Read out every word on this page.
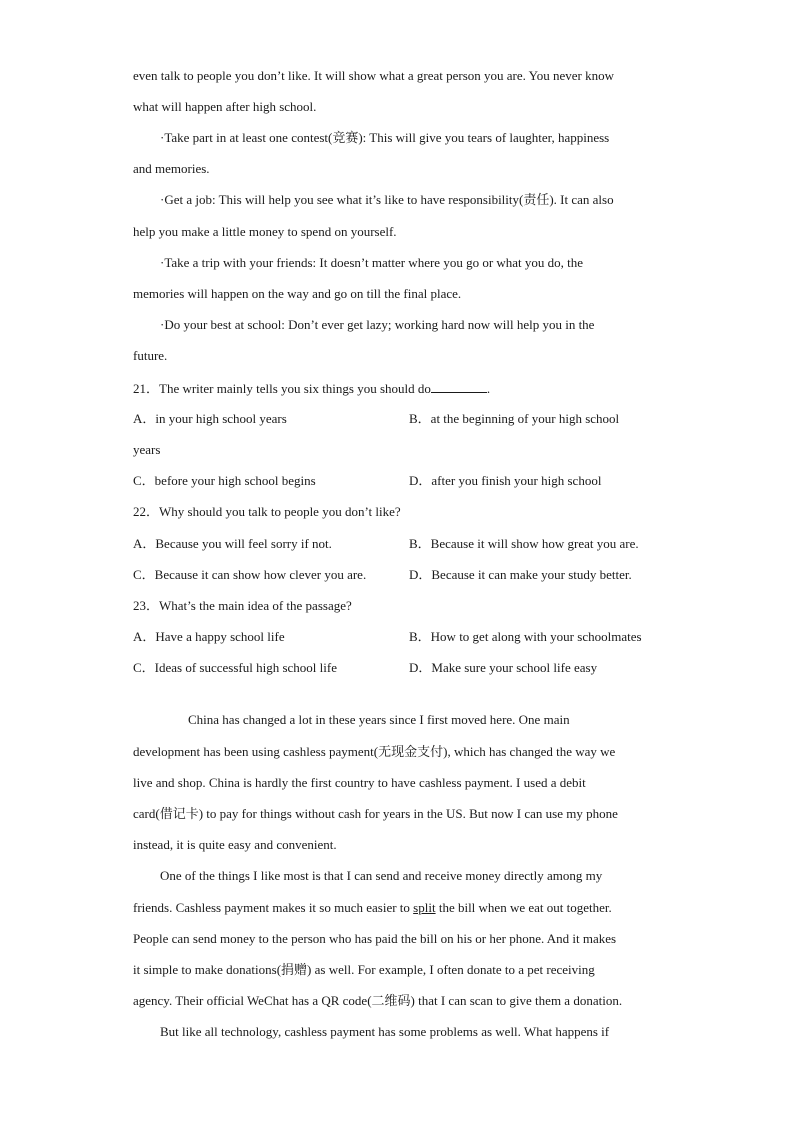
even talk to people you don’t like. It will show what a great person you are. You never know
what will happen after high school.
·Take part in at least one contest(竞赛): This will give you tears of laughter, happiness
and memories.
·Get a job: This will help you see what it’s like to have responsibility(责任). It can also
help you make a little money to spend on yourself.
·Take a trip with your friends: It doesn’t matter where you go or what you do, the
memories will happen on the way and go on till the final place.
·Do your best at school: Don’t ever get lazy; working hard now will help you in the
future.
21．The writer mainly tells you six things you should do	.
A．in your high school years	B．at the beginning of your high school
years
C．before your high school begins	D．after you finish your high school
22．Why should you talk to people you don’t like?
A．Because you will feel sorry if not.	B．Because it will show how great you are.
C．Because it can show how clever you are.	D．Because it can make your study better.
23．What’s the main idea of the passage?
A．Have a happy school life	B．How to get along with your schoolmates
C．Ideas of successful high school life	D．Make sure your school life easy
China has changed a lot in these years since I first moved here. One main
development has been using cashless payment(无现金支付), which has changed the way we
live and shop. China is hardly the first country to have cashless payment. I used a debit
card(借记卡) to pay for things without cash for years in the US. But now I can use my phone
instead, it is quite easy and convenient.
One of the things I like most is that I can send and receive money directly among my
friends. Cashless payment makes it so much easier to split the bill when we eat out together.
People can send money to the person who has paid the bill on his or her phone. And it makes
it simple to make donations(捐赠) as well. For example, I often donate to a pet receiving
agency. Their official WeChat has a QR code(二维码) that I can scan to give them a donation.
But like all technology, cashless payment has some problems as well. What happens if
